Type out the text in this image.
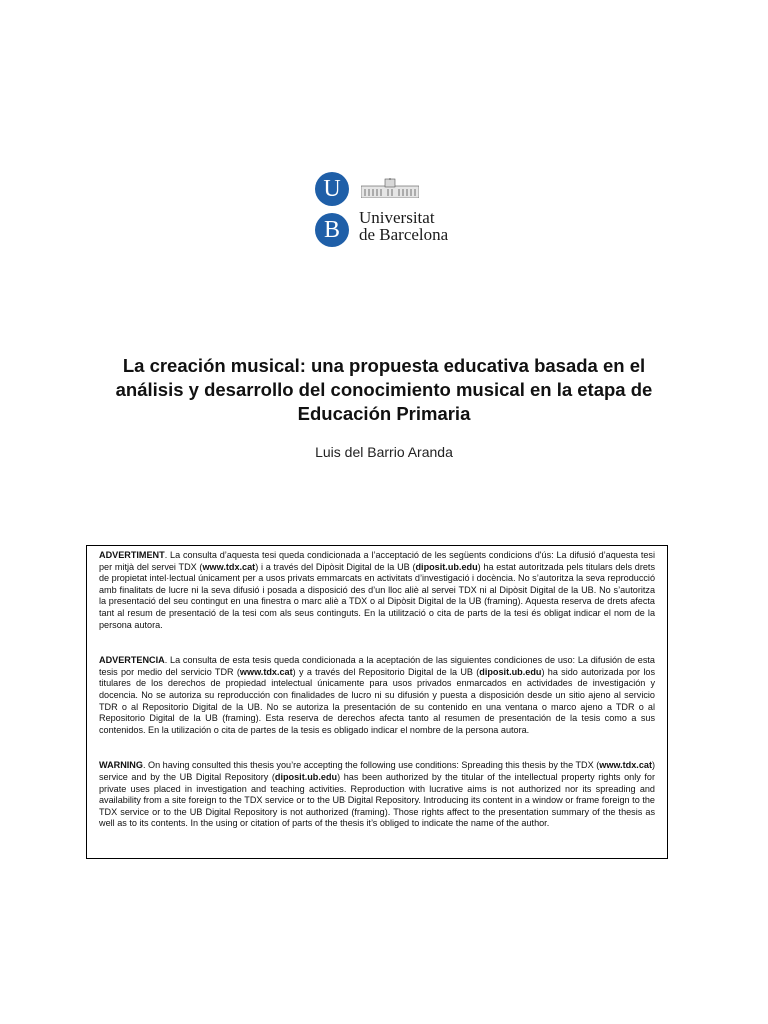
U
B	Universitat
de Barcelona
La creación musical: una propuesta educativa basada en el análisis y desarrollo del conocimiento musical en la etapa de Educación Primaria
Luis del Barrio Aranda

ADVERTIMENT. La consulta d’aquesta tesi queda condicionada a l’acceptació de les següents condicions d'ús: La difusió d’aquesta tesi per mitjà del servei TDX (www.tdx.cat) i a través del Dipòsit Digital de la UB (diposit.ub.edu) ha estat autoritzada pels titulars dels drets de propietat intel·lectual únicament per a usos privats emmarcats en activitats d’investigació i docència. No s’autoritza la seva reproducció amb finalitats de lucre ni la seva difusió i posada a disposició des d’un lloc aliè al servei TDX ni al Dipòsit Digital de la UB. No s’autoritza la presentació del seu contingut en una finestra o marc aliè a TDX o al Dipòsit Digital de la UB (framing). Aquesta reserva de drets afecta tant al resum de presentació de la tesi com als seus continguts. En la utilització o cita de parts de la tesi és obligat indicar el nom de la persona autora.

ADVERTENCIA. La consulta de esta tesis queda condicionada a la aceptación de las siguientes condiciones de uso: La difusión de esta tesis por medio del servicio TDR (www.tdx.cat) y a través del Repositorio Digital de la UB (diposit.ub.edu) ha sido autorizada por los titulares de los derechos de propiedad intelectual únicamente para usos privados enmarcados en actividades de investigación y docencia. No se autoriza su reproducción con finalidades de lucro ni su difusión y puesta a disposición desde un sitio ajeno al servicio TDR o al Repositorio Digital de la UB. No se autoriza la presentación de su contenido en una ventana o marco ajeno a TDR o al Repositorio Digital de la UB (framing). Esta reserva de derechos afecta tanto al resumen de presentación de la tesis como a sus contenidos. En la utilización o cita de partes de la tesis es obligado indicar el nombre de la persona autora.

WARNING. On having consulted this thesis you’re accepting the following use conditions: Spreading this thesis by the TDX (www.tdx.cat) service and by the UB Digital Repository (diposit.ub.edu) has been authorized by the titular of the intellectual property rights only for private uses placed in investigation and teaching activities. Reproduction with lucrative aims is not authorized nor its spreading and availability from a site foreign to the TDX service or to the UB Digital Repository. Introducing its content in a window or frame foreign to the TDX service or to the UB Digital Repository is not authorized (framing). Those rights affect to the presentation summary of the thesis as well as to its contents. In the using or citation of parts of the thesis it’s obliged to indicate the name of the author.
